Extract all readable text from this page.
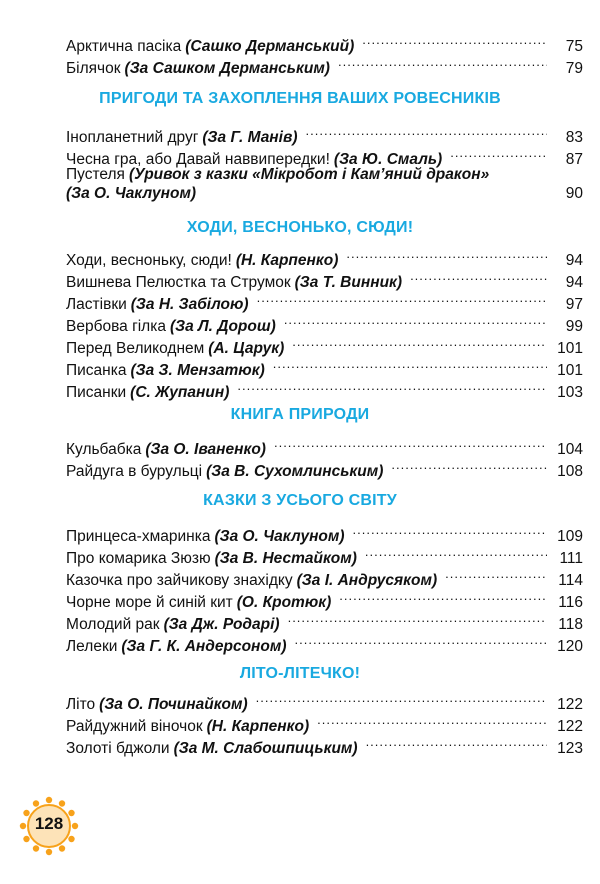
Арктична пасіка (Сашко Дерманський) .....	75
Білячок (За Сашком Дерманським) .....	79
ПРИГОДИ ТА ЗАХОПЛЕННЯ ВАШИХ РОВЕСНИКІВ
Інопланетний друг (За Г. Манів) .....	83
Чесна гра, або Давай наввипередки! (За Ю. Смаль) .....	87
Пустеля (Уривок з казки «Мікробот і Кам’яний дракон»
(За О. Чаклуном)	90
ХОДИ, ВЕСНОНЬКО, СЮДИ!
Ходи, весноньку, сюди! (Н. Карпенко) .....	94
Вишнева Пелюстка та Струмок (За Т. Винник) .....	94
Ластівки (За Н. Забілою) .....	97
Вербова гілка (За Л. Дорош) .....	99
Перед Великоднем (А. Царук) .....	101
Писанка (За З. Мензатюк) .....	101
Писанки (С. Жупанин) .....	103
КНИГА ПРИРОДИ
Кульбабка (За О. Іваненко) .....	104
Райдуга в бурульці (За В. Сухомлинським) .....	108
КАЗКИ З УСЬОГО СВІТУ
Принцеса-хмаринка (За О. Чаклуном) .....	109
Про комарика Зюзю (За В. Нестайком) .....	111
Казочка про зайчикову знахідку (За І. Андрусяком) .....	114
Чорне море й синій кит (О. Кротюк) .....	116
Молодий рак (За Дж. Родарі) .....	118
Лелеки (За Г. К. Андерсоном) .....	120
ЛІТО-ЛІТЕЧКО!
Літо (За О. Починайком) .....	122
Райдужний віночок (Н. Карпенко) .....	122
Золоті бджоли (За М. Слабошпицьким) .....	123
128
